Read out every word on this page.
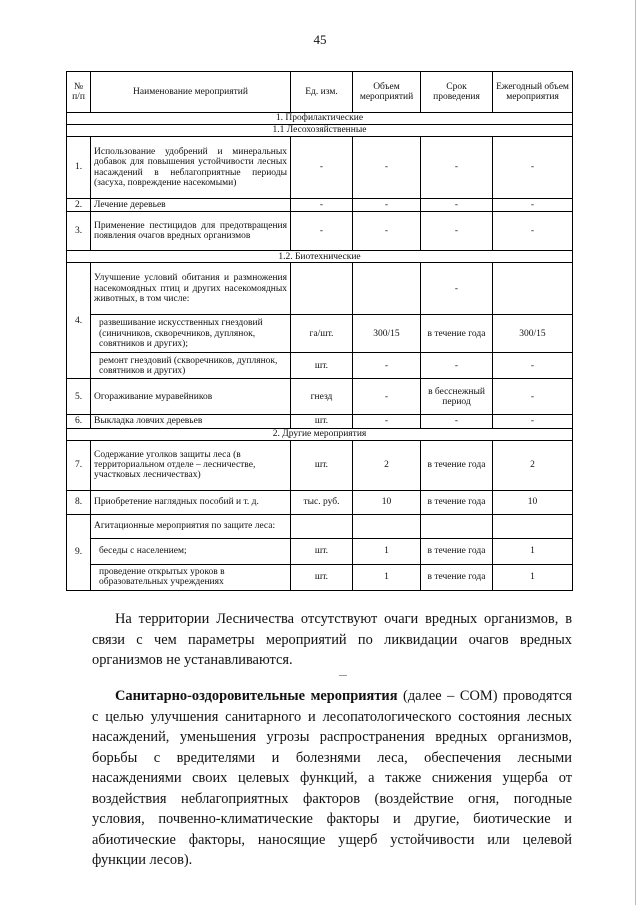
45
№ п/п	Наименование мероприятий	Ед. изм.	Объем мероприятий	Срок проведения	Ежегодный объем мероприятия
1. Профилактические					
1.1 Лесохозяйственные					
1.	Использование удобрений и минеральных добавок для повышения устойчивости лесных насаждений в неблагоприятные периоды (засуха, повреждение насекомыми)	-	-	-	-
2.	Лечение деревьев	-	-	-	-
3.	Применение пестицидов для предотвращения появления очагов вредных организмов	-	-	-	-
1.2. Биотехнические					
4.	Улучшение условий обитания и размножения насекомоядных птиц и других насекомоядных животных, в том числе:			-	
	развешивание искусственных гнездовий (синичников, скворечников, дуплянок, совятников и других);	га/шт.	300/15	в течение года	300/15
	ремонт гнездовий (скворечников, дуплянок, совятников и других)	шт.	-	-	-
5.	Огораживание муравейников	гнезд	-	в бесснежный период	-
6.	Выкладка ловчих деревьев	шт.	-	-	-
2. Другие мероприятия					
7.	Содержание уголков защиты леса (в территориальном отделе – лесничестве, участковых лесничествах)	шт.	2	в течение года	2
8.	Приобретение наглядных пособий и т. д.	тыс. руб.	10	в течение года	10
9.	Агитационные мероприятия по защите леса:				
	беседы с населением;	шт.	1	в течение года	1
	проведение открытых уроков в образовательных учреждениях	шт.	1	в течение года	1

На территории Лесничества отсутствуют очаги вредных организмов, в связи с чем параметры мероприятий по ликвидации очагов вредных организмов не устанавливаются.

Санитарно-оздоровительные мероприятия (далее – СОМ) проводятся с целью улучшения санитарного и лесопатологического состояния лесных насаждений, уменьшения угрозы распространения вредных организмов, борьбы с вредителями и болезнями леса, обеспечения лесными насаждениями своих целевых функций, а также снижения ущерба от воздействия неблагоприятных факторов (воздействие огня, погодные условия, почвенно-климатические факторы и другие, биотические и абиотические факторы, наносящие ущерб устойчивости или целевой функции лесов).
